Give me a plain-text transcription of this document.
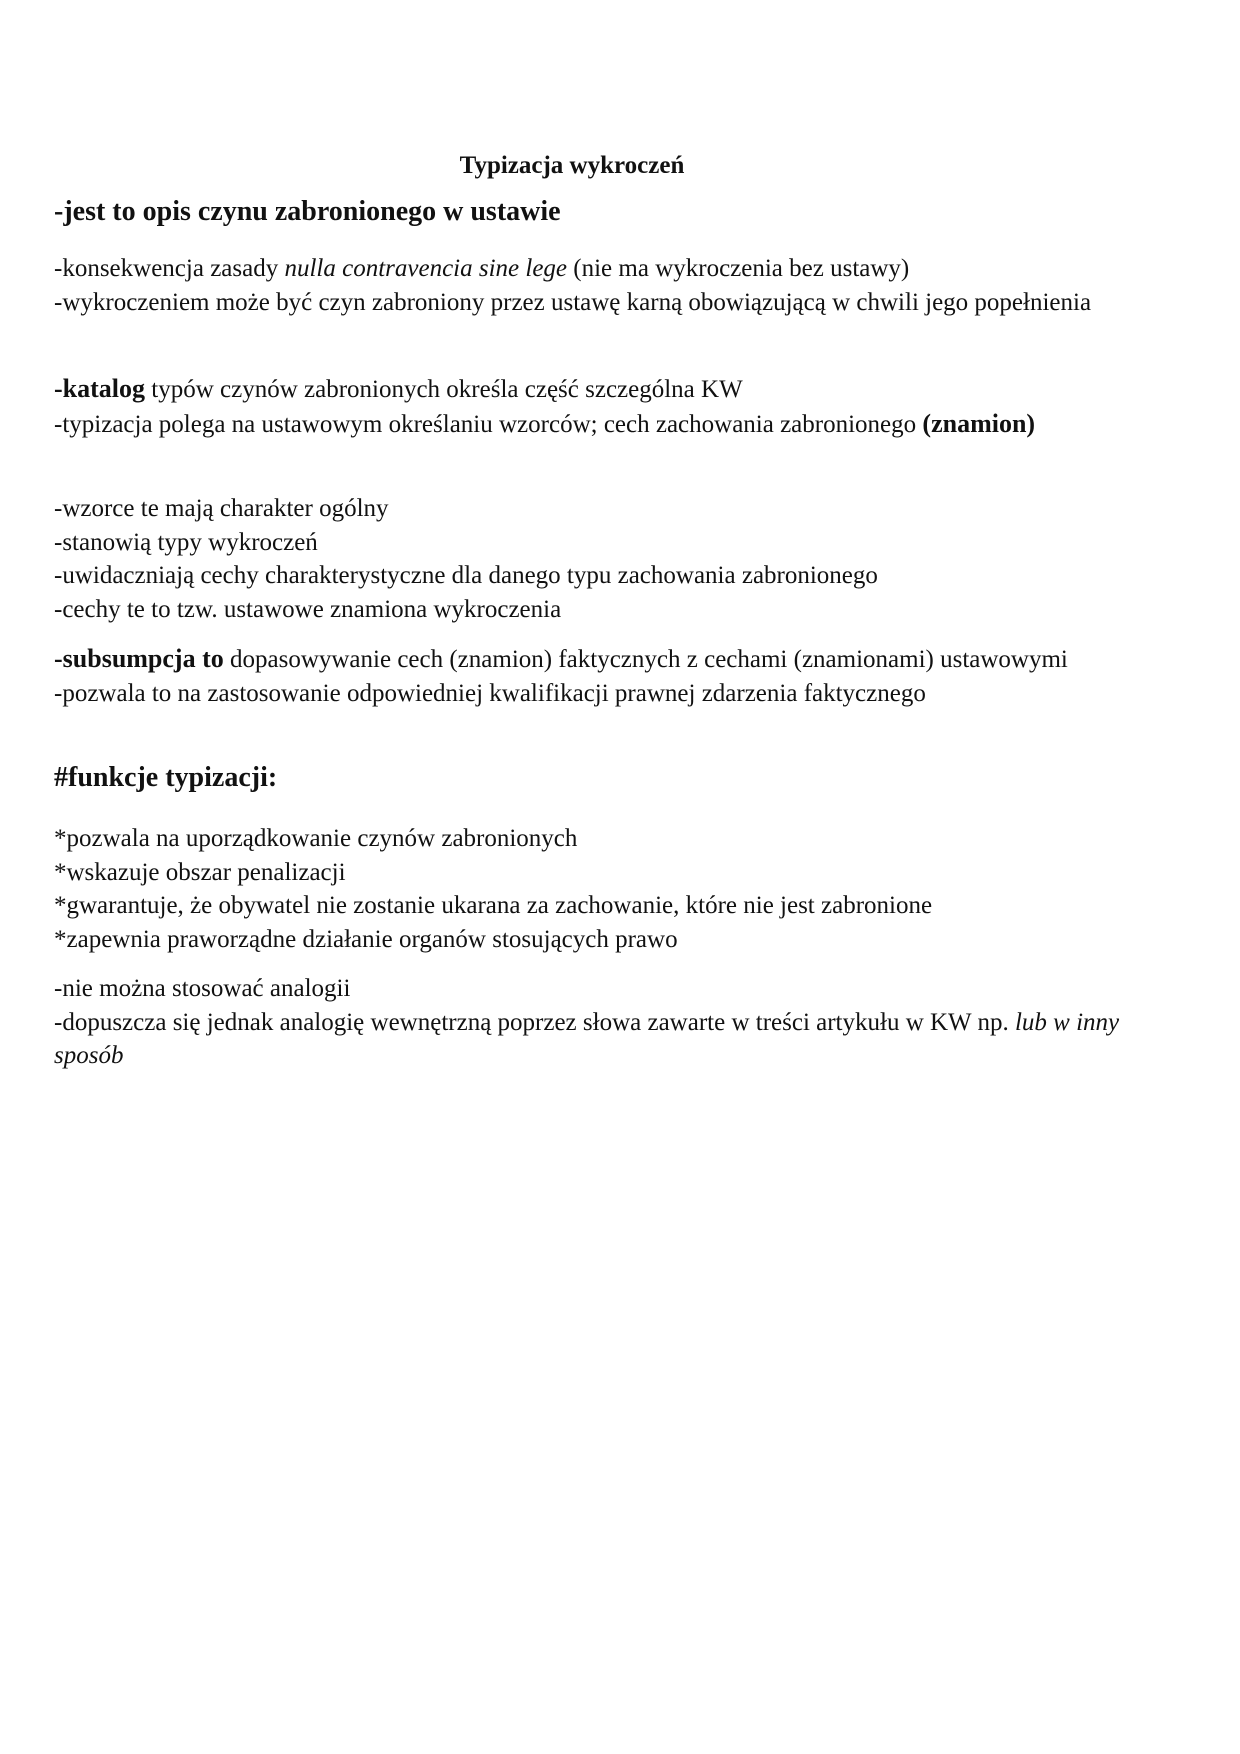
Typizacja wykroczeń
-jest to opis czynu zabronionego w ustawie

-konsekwencja zasady nulla contravencia sine lege (nie ma wykroczenia bez ustawy)

-wykroczeniem może być czyn zabroniony przez ustawę karną obowiązującą w chwili jego popełnienia

-katalog typów czynów zabronionych określa część szczególna KW

-typizacja polega na ustawowym określaniu wzorców; cech zachowania zabronionego (znamion)

-wzorce te mają charakter ogólny

-stanowią typy wykroczeń

-uwidaczniają cechy charakterystyczne dla danego typu zachowania zabronionego

-cechy te to tzw. ustawowe znamiona wykroczenia

-subsumpcja to dopasowywanie cech (znamion) faktycznych z cechami (znamionami) ustawowymi

-pozwala to na zastosowanie odpowiedniej kwalifikacji prawnej zdarzenia faktycznego

#funkcje typizacji:

*pozwala na uporządkowanie czynów zabronionych

*wskazuje obszar penalizacji

*gwarantuje, że obywatel nie zostanie ukarana za zachowanie, które nie jest zabronione

*zapewnia praworządne działanie organów stosujących prawo

-nie można stosować analogii

-dopuszcza się jednak analogię wewnętrzną poprzez słowa zawarte w treści artykułu w KW np. lub w inny sposób
